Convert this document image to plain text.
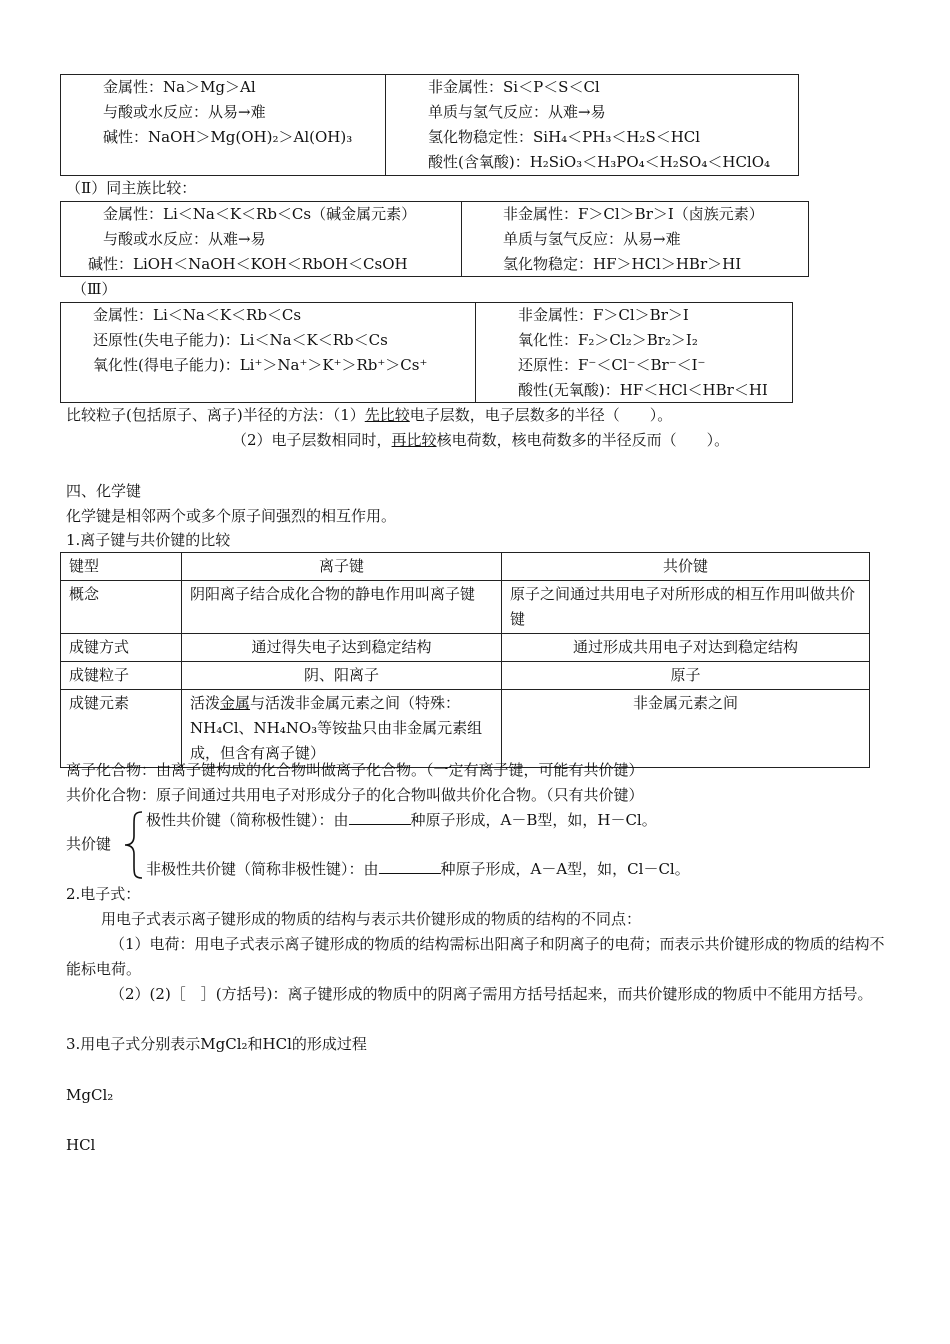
金属性：Na＞Mg＞Al
与酸或水反应：从易→难
碱性：NaOH＞Mg(OH)₂＞Al(OH)₃
非金属性：Si＜P＜S＜Cl
单质与氢气反应：从难→易
氢化物稳定性：SiH₄＜PH₃＜H₂S＜HCl
酸性(含氧酸)：H₂SiO₃＜H₃PO₄＜H₂SO₄＜HClO₄
（Ⅱ）同主族比较：
金属性：Li＜Na＜K＜Rb＜Cs（碱金属元素）
与酸或水反应：从难→易
碱性：LiOH＜NaOH＜KOH＜RbOH＜CsOH
非金属性：F＞Cl＞Br＞I（卤族元素）
单质与氢气反应：从易→难
氢化物稳定：HF＞HCl＞HBr＞HI
（Ⅲ）
金属性：Li＜Na＜K＜Rb＜Cs
还原性(失电子能力)：Li＜Na＜K＜Rb＜Cs
氧化性(得电子能力)：Li⁺＞Na⁺＞K⁺＞Rb⁺＞Cs⁺
非金属性：F＞Cl＞Br＞I
氧化性：F₂＞Cl₂＞Br₂＞I₂
还原性：F⁻＜Cl⁻＜Br⁻＜I⁻
酸性(无氧酸)：HF＜HCl＜HBr＜HI
比较粒子(包括原子、离子)半径的方法：（1）先比较电子层数，电子层数多的半径（　　）。
（2）电子层数相同时，再比较核电荷数，核电荷数多的半径反而（　　）。
四、化学键
化学键是相邻两个或多个原子间强烈的相互作用。
1.离子键与共价键的比较
键型	离子键	共价键
概念	阴阳离子结合成化合物的静电作用叫离子键	原子之间通过共用电子对所形成的相互作用叫做共价键
成键方式	通过得失电子达到稳定结构	通过形成共用电子对达到稳定结构
成键粒子	阴、阳离子	原子
成键元素	活泼金属与活泼非金属元素之间（特殊：NH₄Cl、NH₄NO₃等铵盐只由非金属元素组成，但含有离子键）	非金属元素之间
离子化合物：由离子键构成的化合物叫做离子化合物。（一定有离子键，可能有共价键）
共价化合物：原子间通过共用电子对形成分子的化合物叫做共价化合物。（只有共价键）
共价键
极性共价键（简称极性键）：由	种原子形成，A－B型，如，H－Cl。
非极性共价键（简称非极性键）：由	种原子形成，A－A型，如，Cl－Cl。
2.电子式：
用电子式表示离子键形成的物质的结构与表示共价键形成的物质的结构的不同点：
（1）电荷：用电子式表示离子键形成的物质的结构需标出阳离子和阴离子的电荷；而表示共价键形成的物质的结构不能标电荷。
（2）(2)［　］(方括号)：离子键形成的物质中的阴离子需用方括号括起来，而共价键形成的物质中不能用方括号。
3.用电子式分别表示MgCl₂和HCl的形成过程
MgCl₂
HCl
